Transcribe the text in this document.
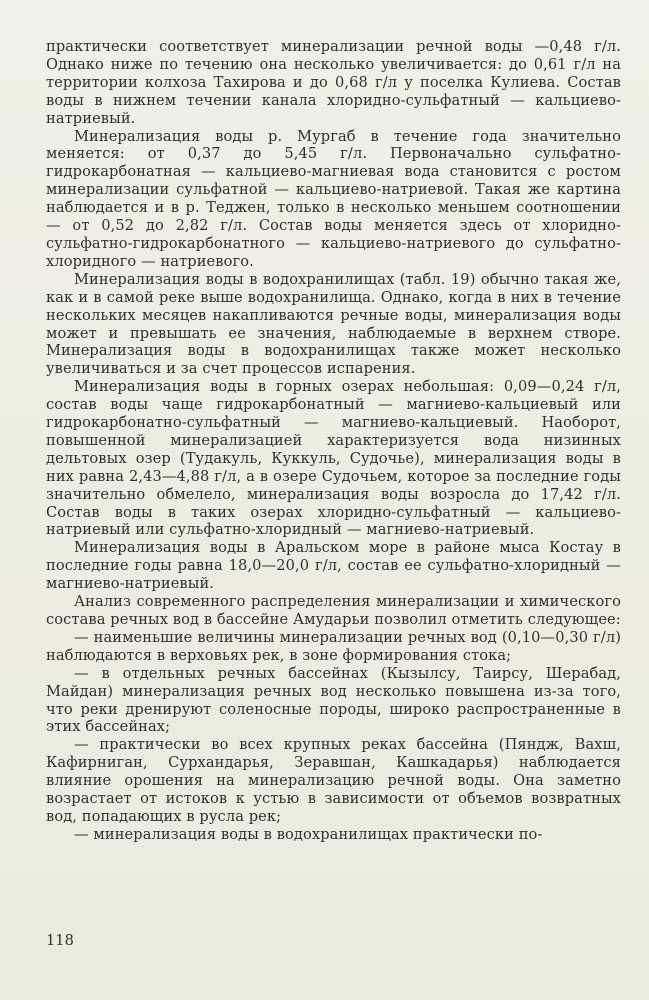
практически соответствует минерализации речной воды —0,48 г/л. Однако ниже по течению она несколько увеличивается: до 0,61 г/л на территории колхоза Тахирова и до 0,68 г/л у поселка Кулиева. Состав воды в нижнем течении канала хлоридно-сульфатный — кальциево-натриевый.

Минерализация воды р. Мургаб в течение года значительно меняется: от 0,37 до 5,45 г/л. Первоначально сульфатно-гидрокарбонатная — кальциево-магниевая вода становится с ростом минерализации сульфатной — кальциево-натриевой. Такая же картина наблюдается и в р. Теджен, только в несколько меньшем соотношении — от 0,52 до 2,82 г/л. Состав воды меняется здесь от хлоридно-сульфатно-гидрокарбонатного — кальциево-натриевого до сульфатно-хлоридного — натриевого.

Минерализация воды в водохранилищах (табл. 19) обычно такая же, как и в самой реке выше водохранилища. Однако, когда в них в течение нескольких месяцев накапливаются речные воды, минерализация воды может и превышать ее значения, наблюдаемые в верхнем створе. Минерализация воды в водохранилищах также может несколько увеличиваться и за счет процессов испарения.

Минерализация воды в горных озерах небольшая: 0,09—0,24 г/л, состав воды чаще гидрокарбонатный — магниево-кальциевый или гидрокарбонатно-сульфатный — магниево-кальциевый. Наоборот, повышенной минерализацией характеризуется вода низинных дельтовых озер (Тудакуль, Куккуль, Судочье), минерализация воды в них равна 2,43—4,88 г/л, а в озере Судочьем, которое за последние годы значительно обмелело, минерализация воды возросла до 17,42 г/л. Состав воды в таких озерах хлоридно-сульфатный — кальциево-натриевый или сульфатно-хлоридный — магниево-натриевый.

Минерализация воды в Аральском море в районе мыса Костау в последние годы равна 18,0—20,0 г/л, состав ее сульфатно-хлоридный — магниево-натриевый.

Анализ современного распределения минерализации и химического состава речных вод в бассейне Амударьи позволил отметить следующее:

— наименьшие величины минерализации речных вод (0,10—0,30 г/л) наблюдаются в верховьях рек, в зоне формирования стока;

— в отдельных речных бассейнах (Кызылсу, Таирсу, Шерабад, Майдан) минерализация речных вод несколько повышена из-за того, что реки дренируют соленосные породы, широко распространенные в этих бассейнах;

— практически во всех крупных реках бассейна (Пяндж, Вахш, Кафирниган, Сурхандарья, Зеравшан, Кашкадарья) наблюдается влияние орошения на минерализацию речной воды. Она заметно возрастает от истоков к устью в зависимости от объемов возвратных вод, попадающих в русла рек;

— минерализация воды в водохранилищах практически по-

118
